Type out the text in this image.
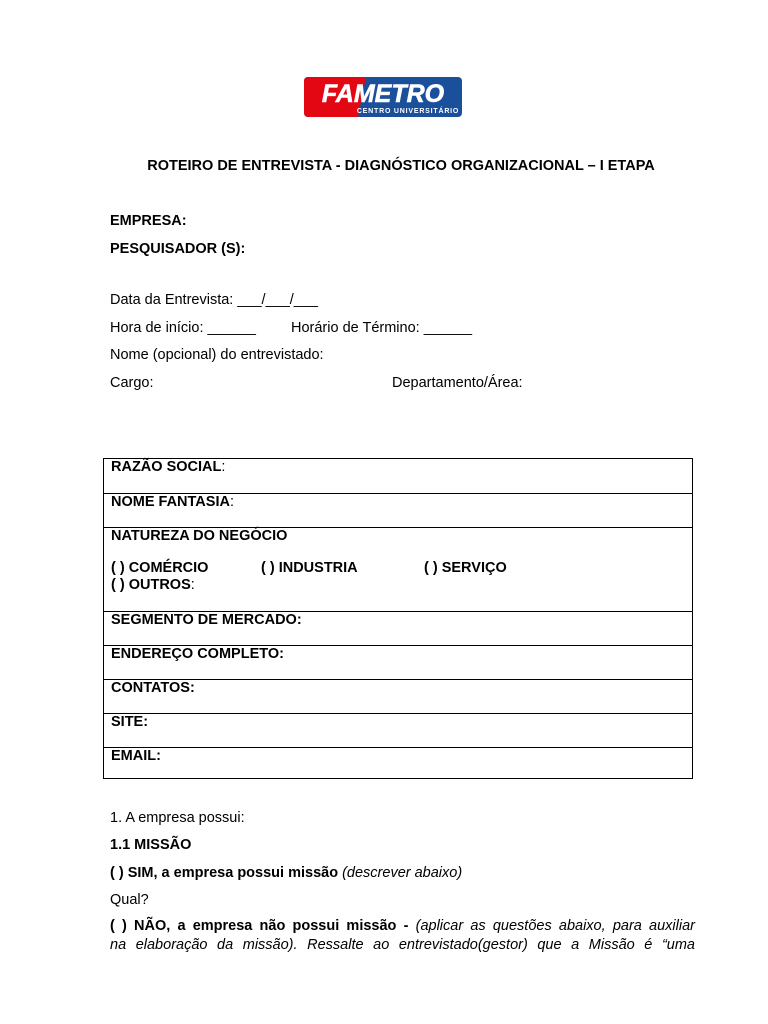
FAMETRO
CENTRO UNIVERSITÁRIO
ROTEIRO DE ENTREVISTA - DIAGNÓSTICO ORGANIZACIONAL – I ETAPA
EMPRESA:
PESQUISADOR (S):
Data da Entrevista: ___/___/___
Hora de início: ______ Horário de Término: ______
Nome (opcional) do entrevistado:
Cargo:	Departamento/Área:
RAZÃO SOCIAL:
NOME FANTASIA:
NATUREZA DO NEGÓCIO
( ) COMÉRCIO	( ) INDUSTRIA	( ) SERVIÇO
( ) OUTROS:
SEGMENTO DE MERCADO:
ENDEREÇO COMPLETO:
CONTATOS:
SITE:
EMAIL:
1. A empresa possui:
1.1 MISSÃO
( ) SIM, a empresa possui missão (descrever abaixo)
Qual?
( ) NÃO, a empresa não possui missão - (aplicar as questões abaixo, para auxiliar
na elaboração da missão). Ressalte ao entrevistado(gestor) que a Missão é “uma
